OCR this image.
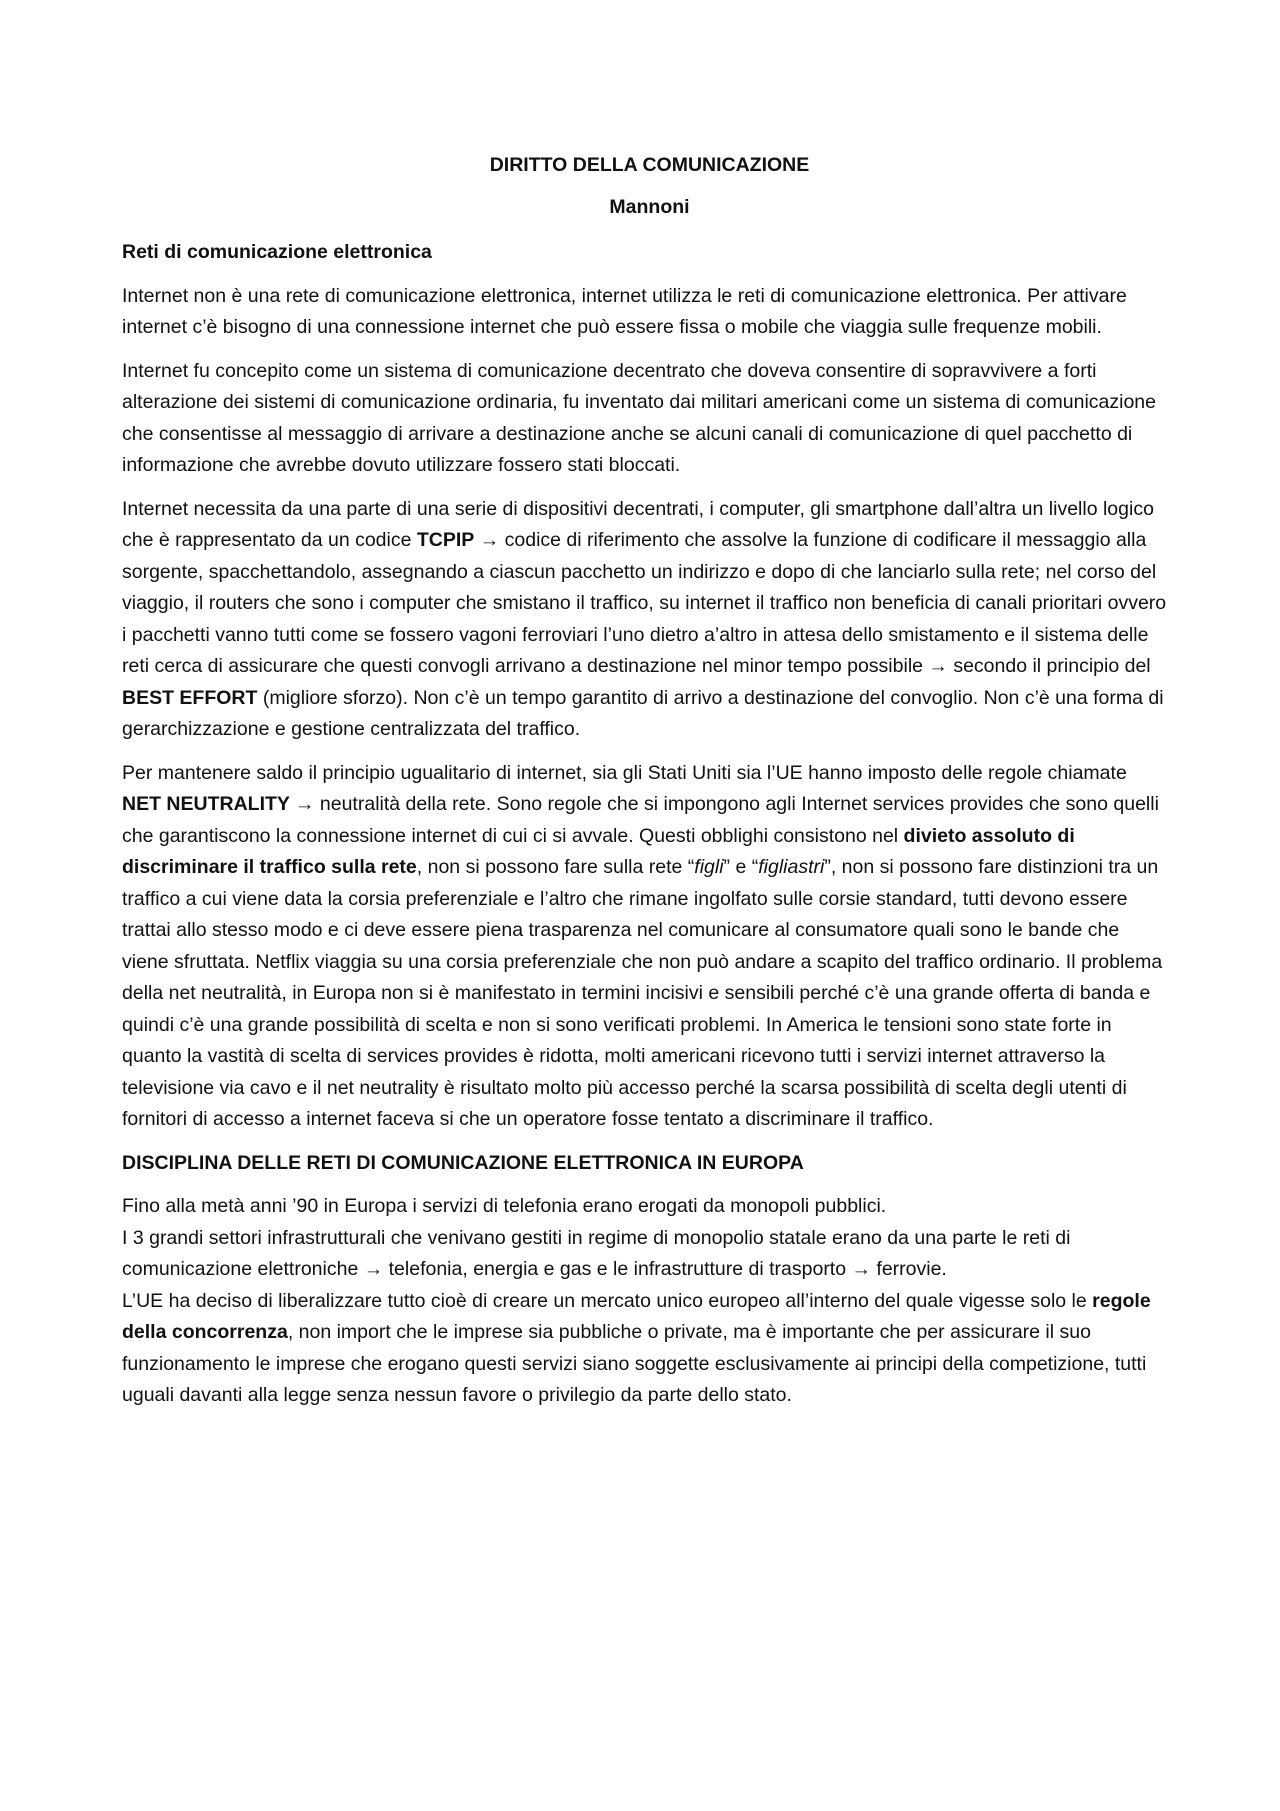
DIRITTO DELLA COMUNICAZIONE
Mannoni
Reti di comunicazione elettronica

Internet non è una rete di comunicazione elettronica, internet utilizza le reti di comunicazione elettronica. Per attivare internet c’è bisogno di una connessione internet che può essere fissa o mobile che viaggia sulle frequenze mobili.

Internet fu concepito come un sistema di comunicazione decentrato che doveva consentire di sopravvivere a forti alterazione dei sistemi di comunicazione ordinaria, fu inventato dai militari americani come un sistema di comunicazione che consentisse al messaggio di arrivare a destinazione anche se alcuni canali di comunicazione di quel pacchetto di informazione che avrebbe dovuto utilizzare fossero stati bloccati.

Internet necessita da una parte di una serie di dispositivi decentrati, i computer, gli smartphone dall’altra un livello logico che è rappresentato da un codice TCPIP → codice di riferimento che assolve la funzione di codificare il messaggio alla sorgente, spacchettandolo, assegnando a ciascun pacchetto un indirizzo e dopo di che lanciarlo sulla rete; nel corso del viaggio, il routers che sono i computer che smistano il traffico, su internet il traffico non beneficia di canali prioritari ovvero i pacchetti vanno tutti come se fossero vagoni ferroviari l’uno dietro a’altro in attesa dello smistamento e il sistema delle reti cerca di assicurare che questi convogli arrivano a destinazione nel minor tempo possibile → secondo il principio del BEST EFFORT (migliore sforzo). Non c’è un tempo garantito di arrivo a destinazione del convoglio. Non c’è una forma di gerarchizzazione e gestione centralizzata del traffico.

Per mantenere saldo il principio ugualitario di internet, sia gli Stati Uniti sia l’UE hanno imposto delle regole chiamate NET NEUTRALITY → neutralità della rete. Sono regole che si impongono agli Internet services provides che sono quelli che garantiscono la connessione internet di cui ci si avvale. Questi obblighi consistono nel divieto assoluto di discriminare il traffico sulla rete, non si possono fare sulla rete “figli” e “figliastri”, non si possono fare distinzioni tra un traffico a cui viene data la corsia preferenziale e l’altro che rimane ingolfato sulle corsie standard, tutti devono essere trattai allo stesso modo e ci deve essere piena trasparenza nel comunicare al consumatore quali sono le bande che viene sfruttata. Netflix viaggia su una corsia preferenziale che non può andare a scapito del traffico ordinario. Il problema della net neutralità, in Europa non si è manifestato in termini incisivi e sensibili perché c’è una grande offerta di banda e quindi c’è una grande possibilità di scelta e non si sono verificati problemi. In America le tensioni sono state forte in quanto la vastità di scelta di services provides è ridotta, molti americani ricevono tutti i servizi internet attraverso la televisione via cavo e il net neutrality è risultato molto più accesso perché la scarsa possibilità di scelta degli utenti di fornitori di accesso a internet faceva si che un operatore fosse tentato a discriminare il traffico.

DISCIPLINA DELLE RETI DI COMUNICAZIONE ELETTRONICA IN EUROPA

Fino alla metà anni ’90 in Europa i servizi di telefonia erano erogati da monopoli pubblici.
I 3 grandi settori infrastrutturali che venivano gestiti in regime di monopolio statale erano da una parte le reti di comunicazione elettroniche → telefonia, energia e gas e le infrastrutture di trasporto → ferrovie.
L’UE ha deciso di liberalizzare tutto cioè di creare un mercato unico europeo all’interno del quale vigesse solo le regole della concorrenza, non import che le imprese sia pubbliche o private, ma è importante che per assicurare il suo funzionamento le imprese che erogano questi servizi siano soggette esclusivamente ai principi della competizione, tutti uguali davanti alla legge senza nessun favore o privilegio da parte dello stato.
